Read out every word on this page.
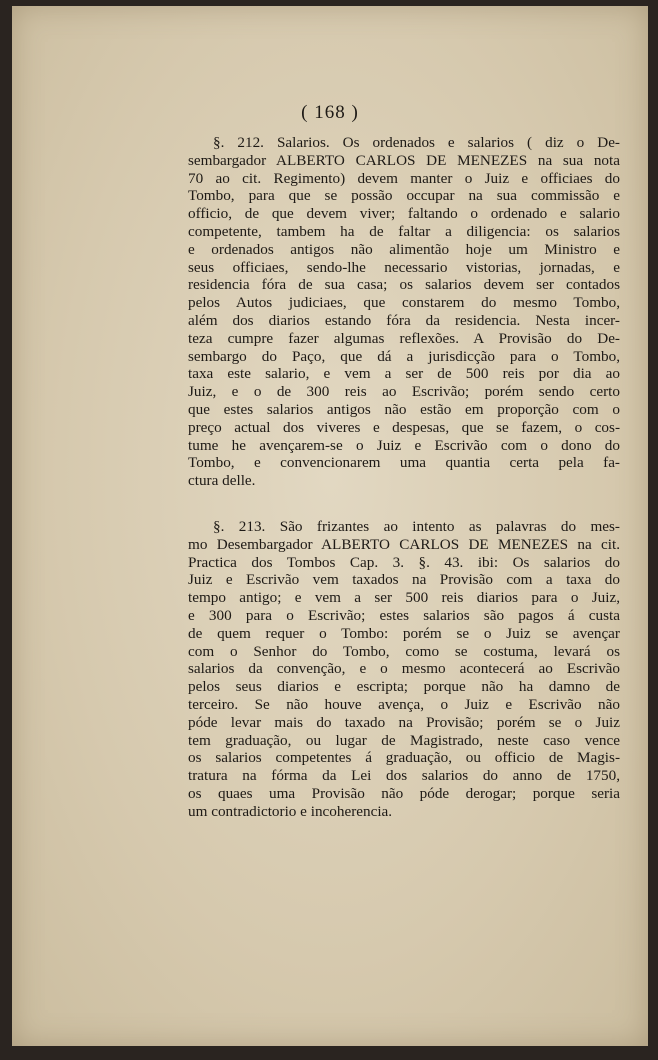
( 168 )
§. 212. Salarios. Os ordenados e salarios ( diz o De-
sembargador ALBERTO CARLOS DE MENEZES na sua nota
70 ao cit. Regimento) devem manter o Juiz e officiaes do
Tombo, para que se possão occupar na sua commissão e
officio, de que devem viver; faltando o ordenado e salario
competente, tambem ha de faltar a diligencia: os salarios
e ordenados antigos não alimentão hoje um Ministro e
seus officiaes, sendo-lhe necessario vistorias, jornadas, e
residencia fóra de sua casa; os salarios devem ser contados
pelos Autos judiciaes, que constarem do mesmo Tombo,
além dos diarios estando fóra da residencia. Nesta incer-
teza cumpre fazer algumas reflexões. A Provisão do De-
sembargo do Paço, que dá a jurisdicção para o Tombo,
taxa este salario, e vem a ser de 500 reis por dia ao
Juiz, e o de 300 reis ao Escrivão; porém sendo certo
que estes salarios antigos não estão em proporção com o
preço actual dos viveres e despesas, que se fazem, o cos-
tume he avençarem-se o Juiz e Escrivão com o dono do
Tombo, e convencionarem uma quantia certa pela fa-
ctura delle.
§. 213. São frizantes ao intento as palavras do mes-
mo Desembargador ALBERTO CARLOS DE MENEZES na cit.
Practica dos Tombos Cap. 3. §. 43. ibi: Os salarios do
Juiz e Escrivão vem taxados na Provisão com a taxa do
tempo antigo; e vem a ser 500 reis diarios para o Juiz,
e 300 para o Escrivão; estes salarios são pagos á custa
de quem requer o Tombo: porém se o Juiz se avençar
com o Senhor do Tombo, como se costuma, levará os
salarios da convenção, e o mesmo acontecerá ao Escrivão
pelos seus diarios e escripta; porque não ha damno de
terceiro. Se não houve avença, o Juiz e Escrivão não
póde levar mais do taxado na Provisão; porém se o Juiz
tem graduação, ou lugar de Magistrado, neste caso vence
os salarios competentes á graduação, ou officio de Magis-
tratura na fórma da Lei dos salarios do anno de 1750,
os quaes uma Provisão não póde derogar; porque seria
um contradictorio e incoherencia.
